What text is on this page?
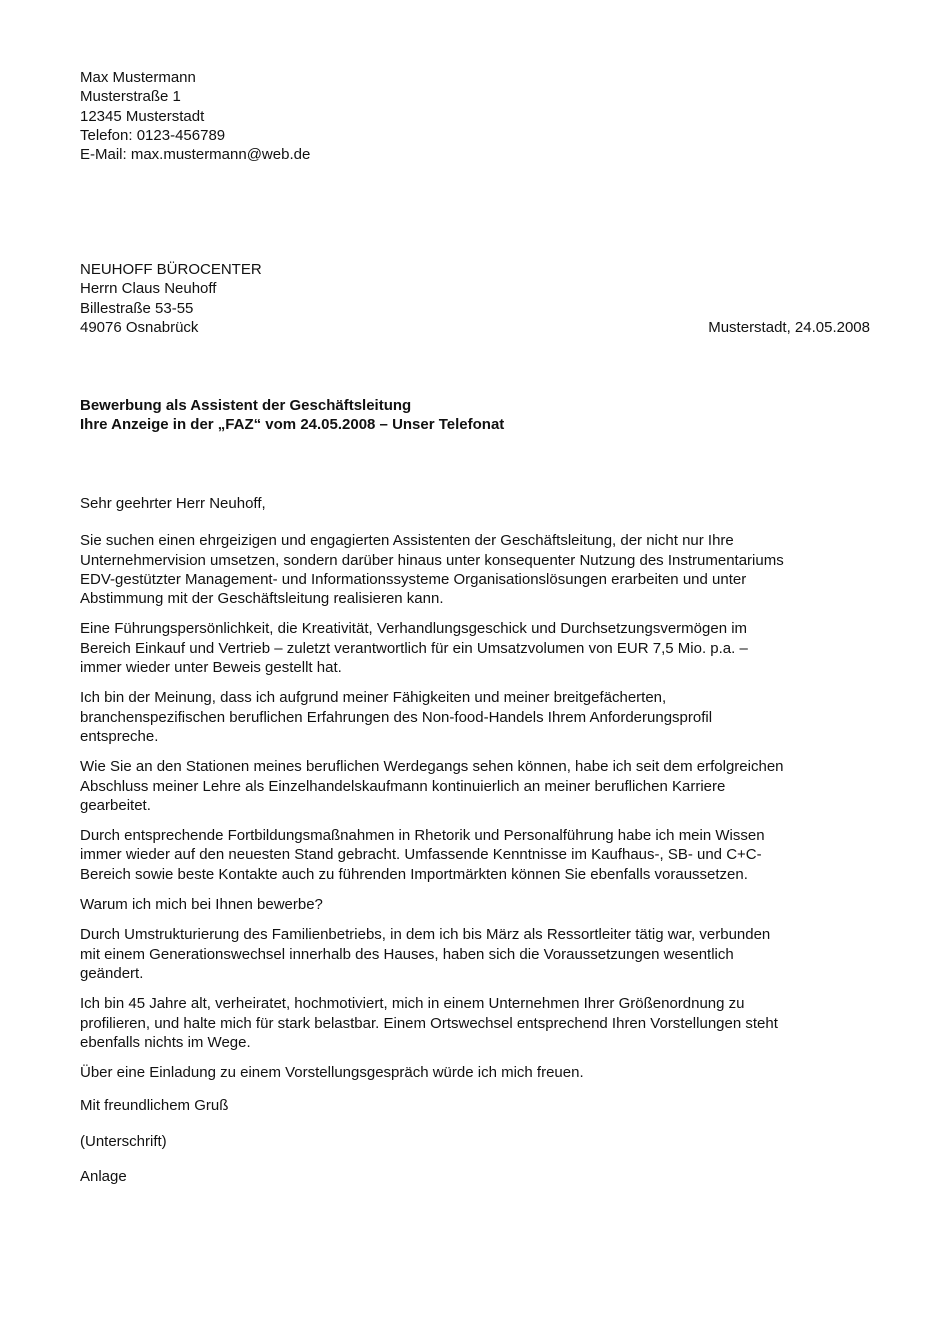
Max Mustermann
Musterstraße 1
12345 Musterstadt
Telefon: 0123-456789
E-Mail: max.mustermann@web.de
NEUHOFF BÜROCENTER
Herrn Claus Neuhoff
Billestraße 53-55
49076 Osnabrück	Musterstadt, 24.05.2008
Bewerbung als Assistent der Geschäftsleitung
Ihre Anzeige in der „FAZ“ vom 24.05.2008 – Unser Telefonat
Sehr geehrter Herr Neuhoff,
Sie suchen einen ehrgeizigen und engagierten Assistenten der Geschäftsleitung, der nicht nur Ihre
Unternehmervision umsetzen, sondern darüber hinaus unter konsequenter Nutzung des Instrumentariums
EDV-gestützter Management- und Informationssysteme Organisationslösungen erarbeiten und unter
Abstimmung mit der Geschäftsleitung realisieren kann.
Eine Führungspersönlichkeit, die Kreativität, Verhandlungsgeschick und Durchsetzungsvermögen im
Bereich Einkauf und Vertrieb – zuletzt verantwortlich für ein Umsatzvolumen von EUR 7,5 Mio. p.a. –
immer wieder unter Beweis gestellt hat.
Ich bin der Meinung, dass ich aufgrund meiner Fähigkeiten und meiner breitgefächerten,
branchenspezifischen beruflichen Erfahrungen des Non-food-Handels Ihrem Anforderungsprofil
entspreche.
Wie Sie an den Stationen meines beruflichen Werdegangs sehen können, habe ich seit dem erfolgreichen
Abschluss meiner Lehre als Einzelhandelskaufmann kontinuierlich an meiner beruflichen Karriere
gearbeitet.
Durch entsprechende Fortbildungsmaßnahmen in Rhetorik und Personalführung habe ich mein Wissen
immer wieder auf den neuesten Stand gebracht. Umfassende Kenntnisse im Kaufhaus-, SB- und C+C-
Bereich sowie beste Kontakte auch zu führenden Importmärkten können Sie ebenfalls voraussetzen.
Warum ich mich bei Ihnen bewerbe?
Durch Umstrukturierung des Familienbetriebs, in dem ich bis März als Ressortleiter tätig war, verbunden
mit einem Generationswechsel innerhalb des Hauses, haben sich die Voraussetzungen wesentlich
geändert.
Ich bin 45 Jahre alt, verheiratet, hochmotiviert, mich in einem Unternehmen Ihrer Größenordnung zu
profilieren, und halte mich für stark belastbar. Einem Ortswechsel entsprechend Ihren Vorstellungen steht
ebenfalls nichts im Wege.
Über eine Einladung zu einem Vorstellungsgespräch würde ich mich freuen.
Mit freundlichem Gruß
(Unterschrift)
Anlage
